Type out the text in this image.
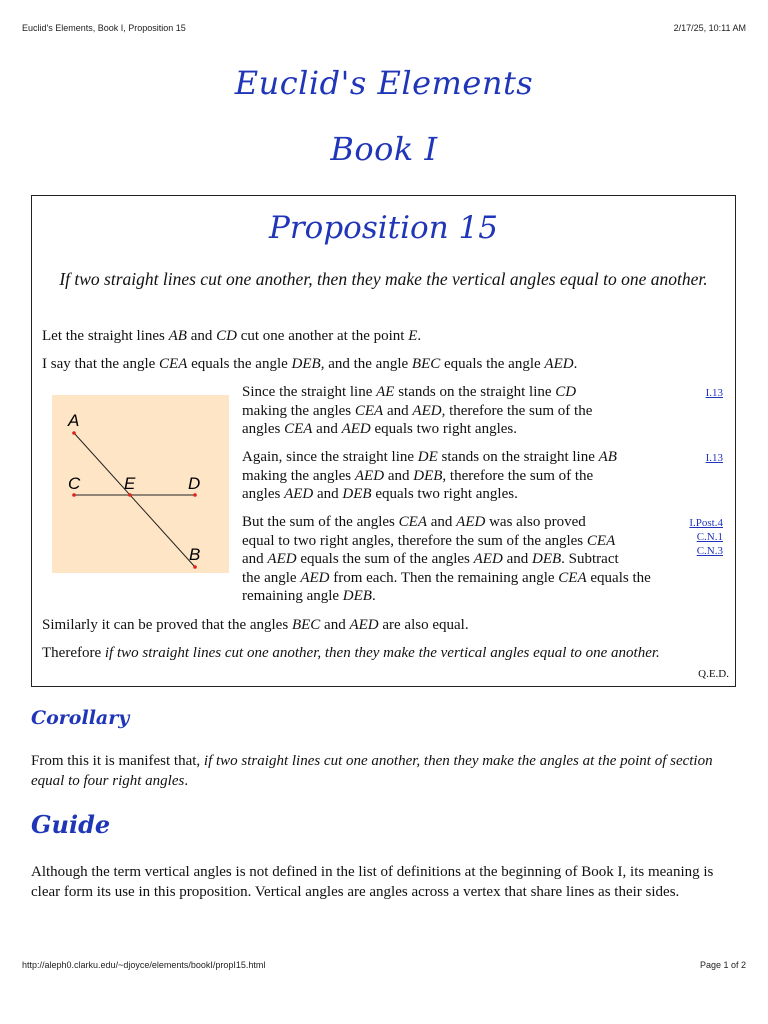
Euclid's Elements, Book I, Proposition 15	2/17/25, 10:11 AM
Euclid's Elements
Book I
Proposition 15
If two straight lines cut one another, then they make the vertical angles equal to one another.
Let the straight lines AB and CD cut one another at the point E.
I say that the angle CEA equals the angle DEB, and the angle BEC equals the angle AED.
A
B
C	D
E
Since the straight line AE stands on the straight line CD
making the angles CEA and AED, therefore the sum of the
angles CEA and AED equals two right angles.
I.13
Again, since the straight line DE stands on the straight line AB
making the angles AED and DEB, therefore the sum of the
angles AED and DEB equals two right angles.
I.13
But the sum of the angles CEA and AED was also proved
equal to two right angles, therefore the sum of the angles CEA
and AED equals the sum of the angles AED and DEB. Subtract
the angle AED from each. Then the remaining angle CEA equals the
remaining angle DEB.
I.Post.4
C.N.1
C.N.3
Similarly it can be proved that the angles BEC and AED are also equal.
Therefore if two straight lines cut one another, then they make the vertical angles equal to one another.
Q.E.D.
Corollary
From this it is manifest that, if two straight lines cut one another, then they make the angles at the point of section equal to four right angles.
Guide
Although the term vertical angles is not defined in the list of definitions at the beginning of Book I, its meaning is clear form its use in this proposition. Vertical angles are angles across a vertex that share lines as their sides.
http://aleph0.clarku.edu/~djoyce/elements/bookI/propI15.html	Page 1 of 2
